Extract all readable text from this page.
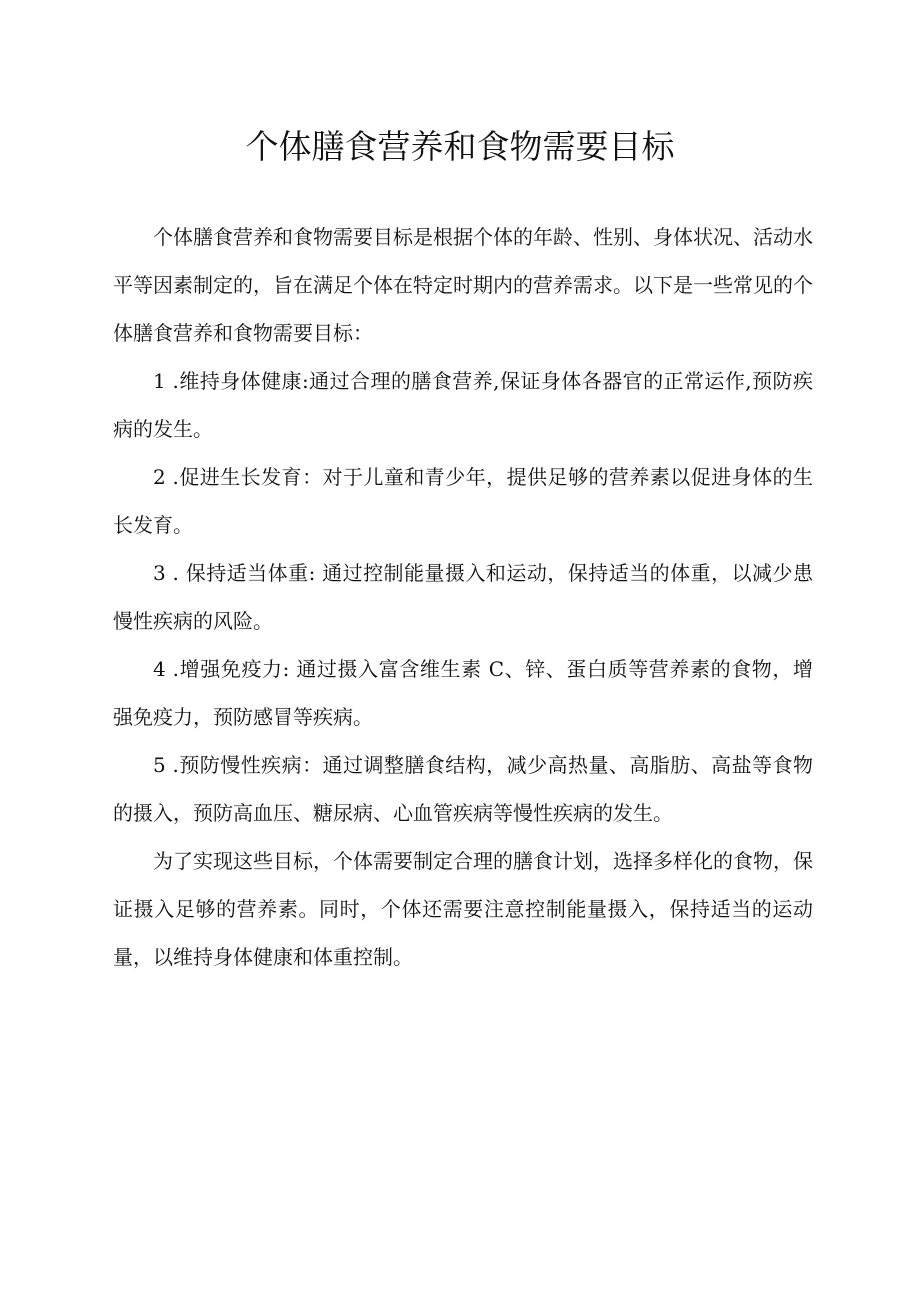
个体膳食营养和食物需要目标

个体膳食营养和食物需要目标是根据个体的年龄、性别、身体状况、活动水平等因素制定的，旨在满足个体在特定时期内的营养需求。以下是一些常见的个体膳食营养和食物需要目标：

1 .维持身体健康:通过合理的膳食营养,保证身体各器官的正常运作,预防疾病的发生。

2 .促进生长发育：对于儿童和青少年，提供足够的营养素以促进身体的生长发育。

3 . 保持适当体重: 通过控制能量摄入和运动，保持适当的体重，以减少患慢性疾病的风险。

4 .增强免疫力: 通过摄入富含维生素 C、锌、蛋白质等营养素的食物，增强免疫力，预防感冒等疾病。

5 .预防慢性疾病：通过调整膳食结构，减少高热量、高脂肪、高盐等食物的摄入，预防高血压、糖尿病、心血管疾病等慢性疾病的发生。

为了实现这些目标，个体需要制定合理的膳食计划，选择多样化的食物，保证摄入足够的营养素。同时，个体还需要注意控制能量摄入，保持适当的运动量，以维持身体健康和体重控制。
